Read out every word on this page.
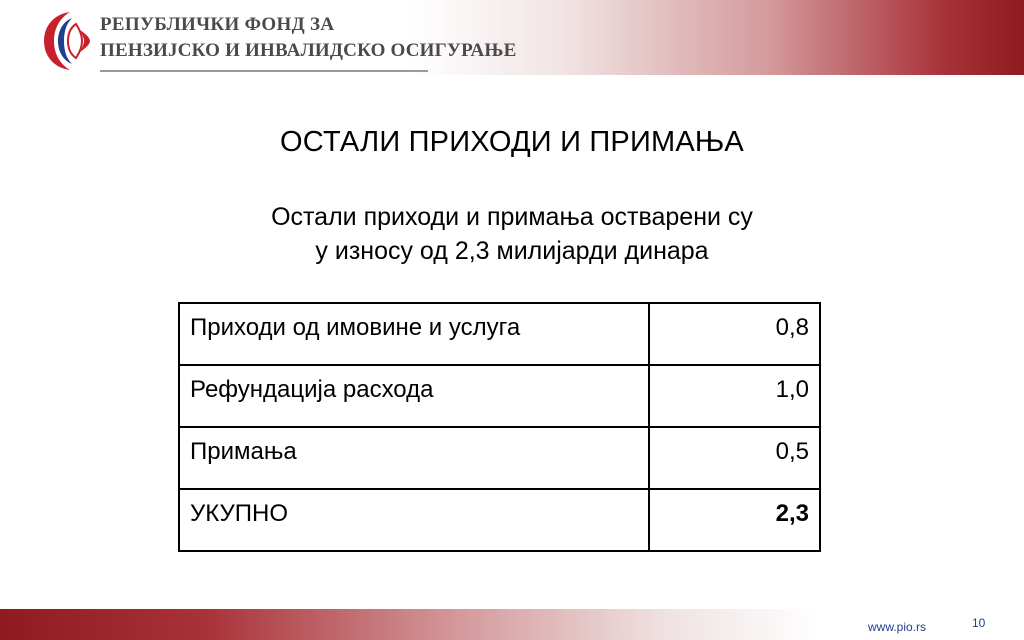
РЕПУБЛИЧКИ ФОНД ЗА
ПЕНЗИЈСКО И ИНВАЛИДСКО ОСИГУРАЊЕ
ОСТАЛИ ПРИХОДИ И ПРИМАЊА
Остали приходи и примања остварени су
у износу од 2,3 милијарди динара
Приходи од имовине и услуга	0,8
Рефундација расхода	1,0
Примања	0,5
УКУПНО	2,3
www.pio.rs	10
